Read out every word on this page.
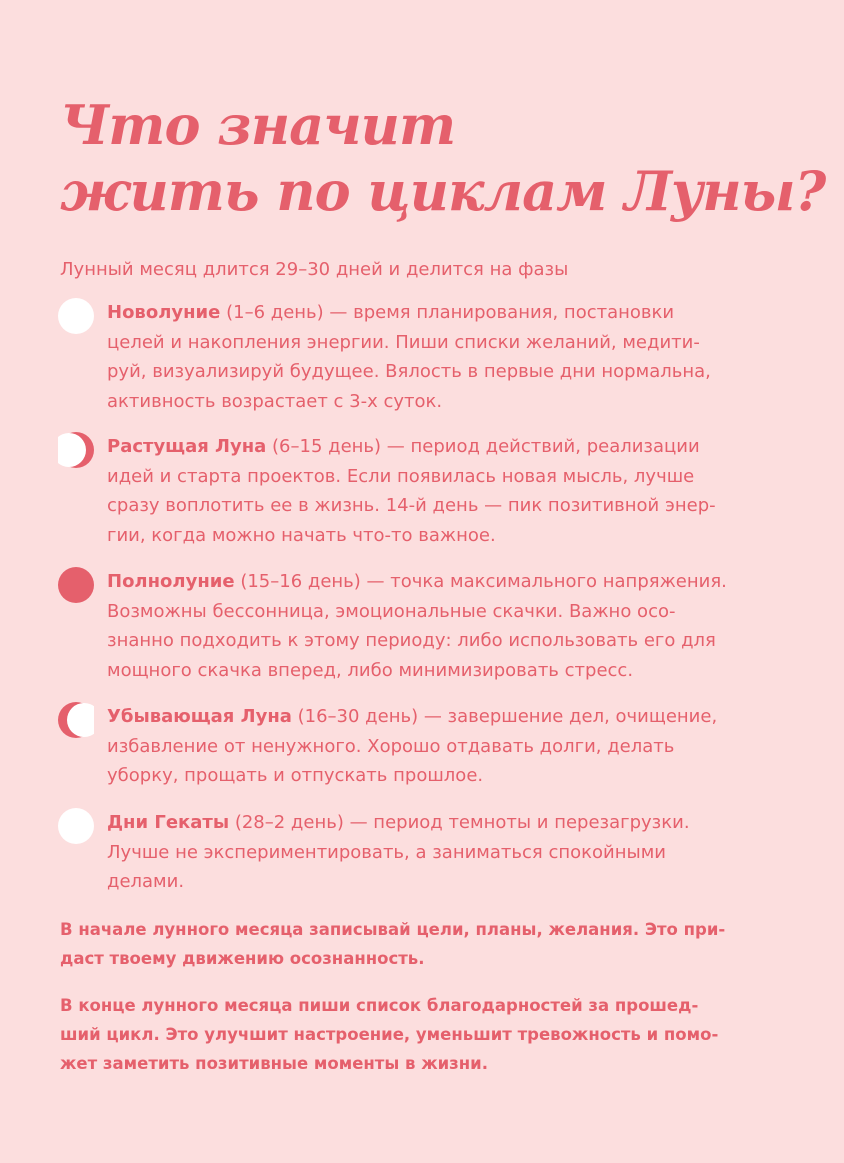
Что значит
жить по циклам Луны?

Лунный месяц длится 29–30 дней и делится на фазы

Новолуние (1–6 день) — время планирования, постановки
целей и накопления энергии. Пиши списки желаний, медити-
руй, визуализируй будущее. Вялость в первые дни нормальна,
активность возрастает с 3-х суток.

Растущая Луна (6–15 день) — период действий, реализации
идей и старта проектов. Если появилась новая мысль, лучше
сразу воплотить ее в жизнь. 14-й день — пик позитивной энер-
гии, когда можно начать что-то важное.

Полнолуние (15–16 день) — точка максимального напряжения.
Возможны бессонница, эмоциональные скачки. Важно осо-
знанно подходить к этому периоду: либо использовать его для
мощного скачка вперед, либо минимизировать стресс.

Убывающая Луна (16–30 день) — завершение дел, очищение,
избавление от ненужного. Хорошо отдавать долги, делать
уборку, прощать и отпускать прошлое.

Дни Гекаты (28–2 день) — период темноты и перезагрузки.
Лучше не экспериментировать, а заниматься спокойными
делами.

В начале лунного месяца записывай цели, планы, желания. Это при-
даст твоему движению осознанность.

В конце лунного месяца пиши список благодарностей за прошед-
ший цикл. Это улучшит настроение, уменьшит тревожность и помо-
жет заметить позитивные моменты в жизни.
